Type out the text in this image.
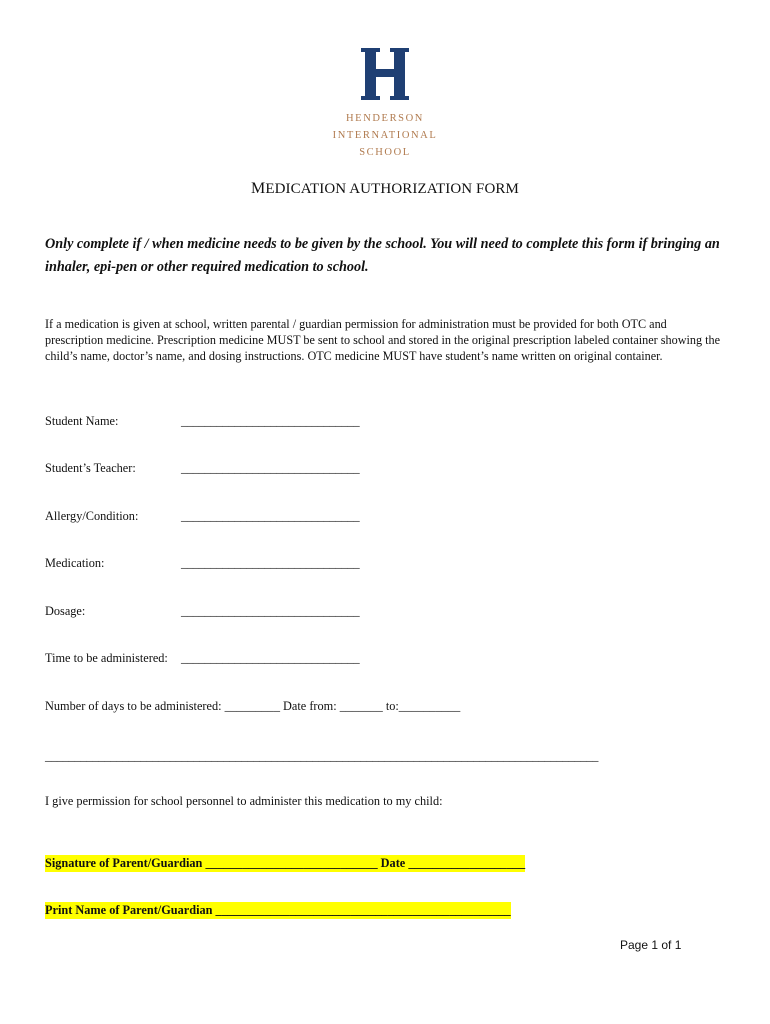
HENDERSON
INTERNATIONAL
SCHOOL
MEDICATION AUTHORIZATION FORM
Only complete if / when medicine needs to be given by the school. You will need to complete this form if bringing an inhaler, epi-pen or other required medication to school.
If a medication is given at school, written parental / guardian permission for administration must be provided for both OTC and prescription medicine. Prescription medicine MUST be sent to school and stored in the original prescription labeled container showing the child’s name, doctor’s name, and dosing instructions. OTC medicine MUST have student’s name written on original container.
Student Name:	______________________________
Student’s Teacher:	______________________________
Allergy/Condition:	______________________________
Medication:	______________________________
Dosage:	______________________________
Time to be administered: ______________________________
Number of days to be administered: _________ Date from: _______ to:__________
_____________________________________________________________________________________________
I give permission for school personnel to administer this medication to my child:
Signature of Parent/Guardian ____________________________ Date ___________________
Print Name of Parent/Guardian ________________________________________________
Page 1 of 1
